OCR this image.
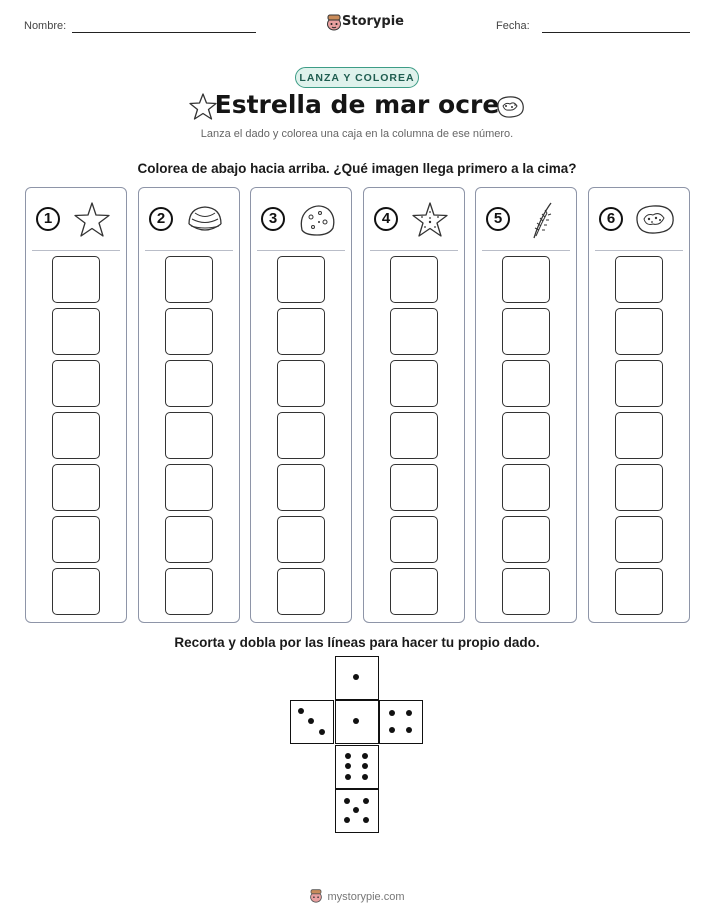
Nombre:	Storypie	Fecha:
LANZA Y COLOREA
Estrella de mar ocre
Lanza el dado y colorea una caja en la columna de ese número.
Colorea de abajo hacia arriba. ¿Qué imagen llega primero a la cima?
1	2	3	4	5	6
Recorta y dobla por las líneas para hacer tu propio dado.
mystorypie.com
